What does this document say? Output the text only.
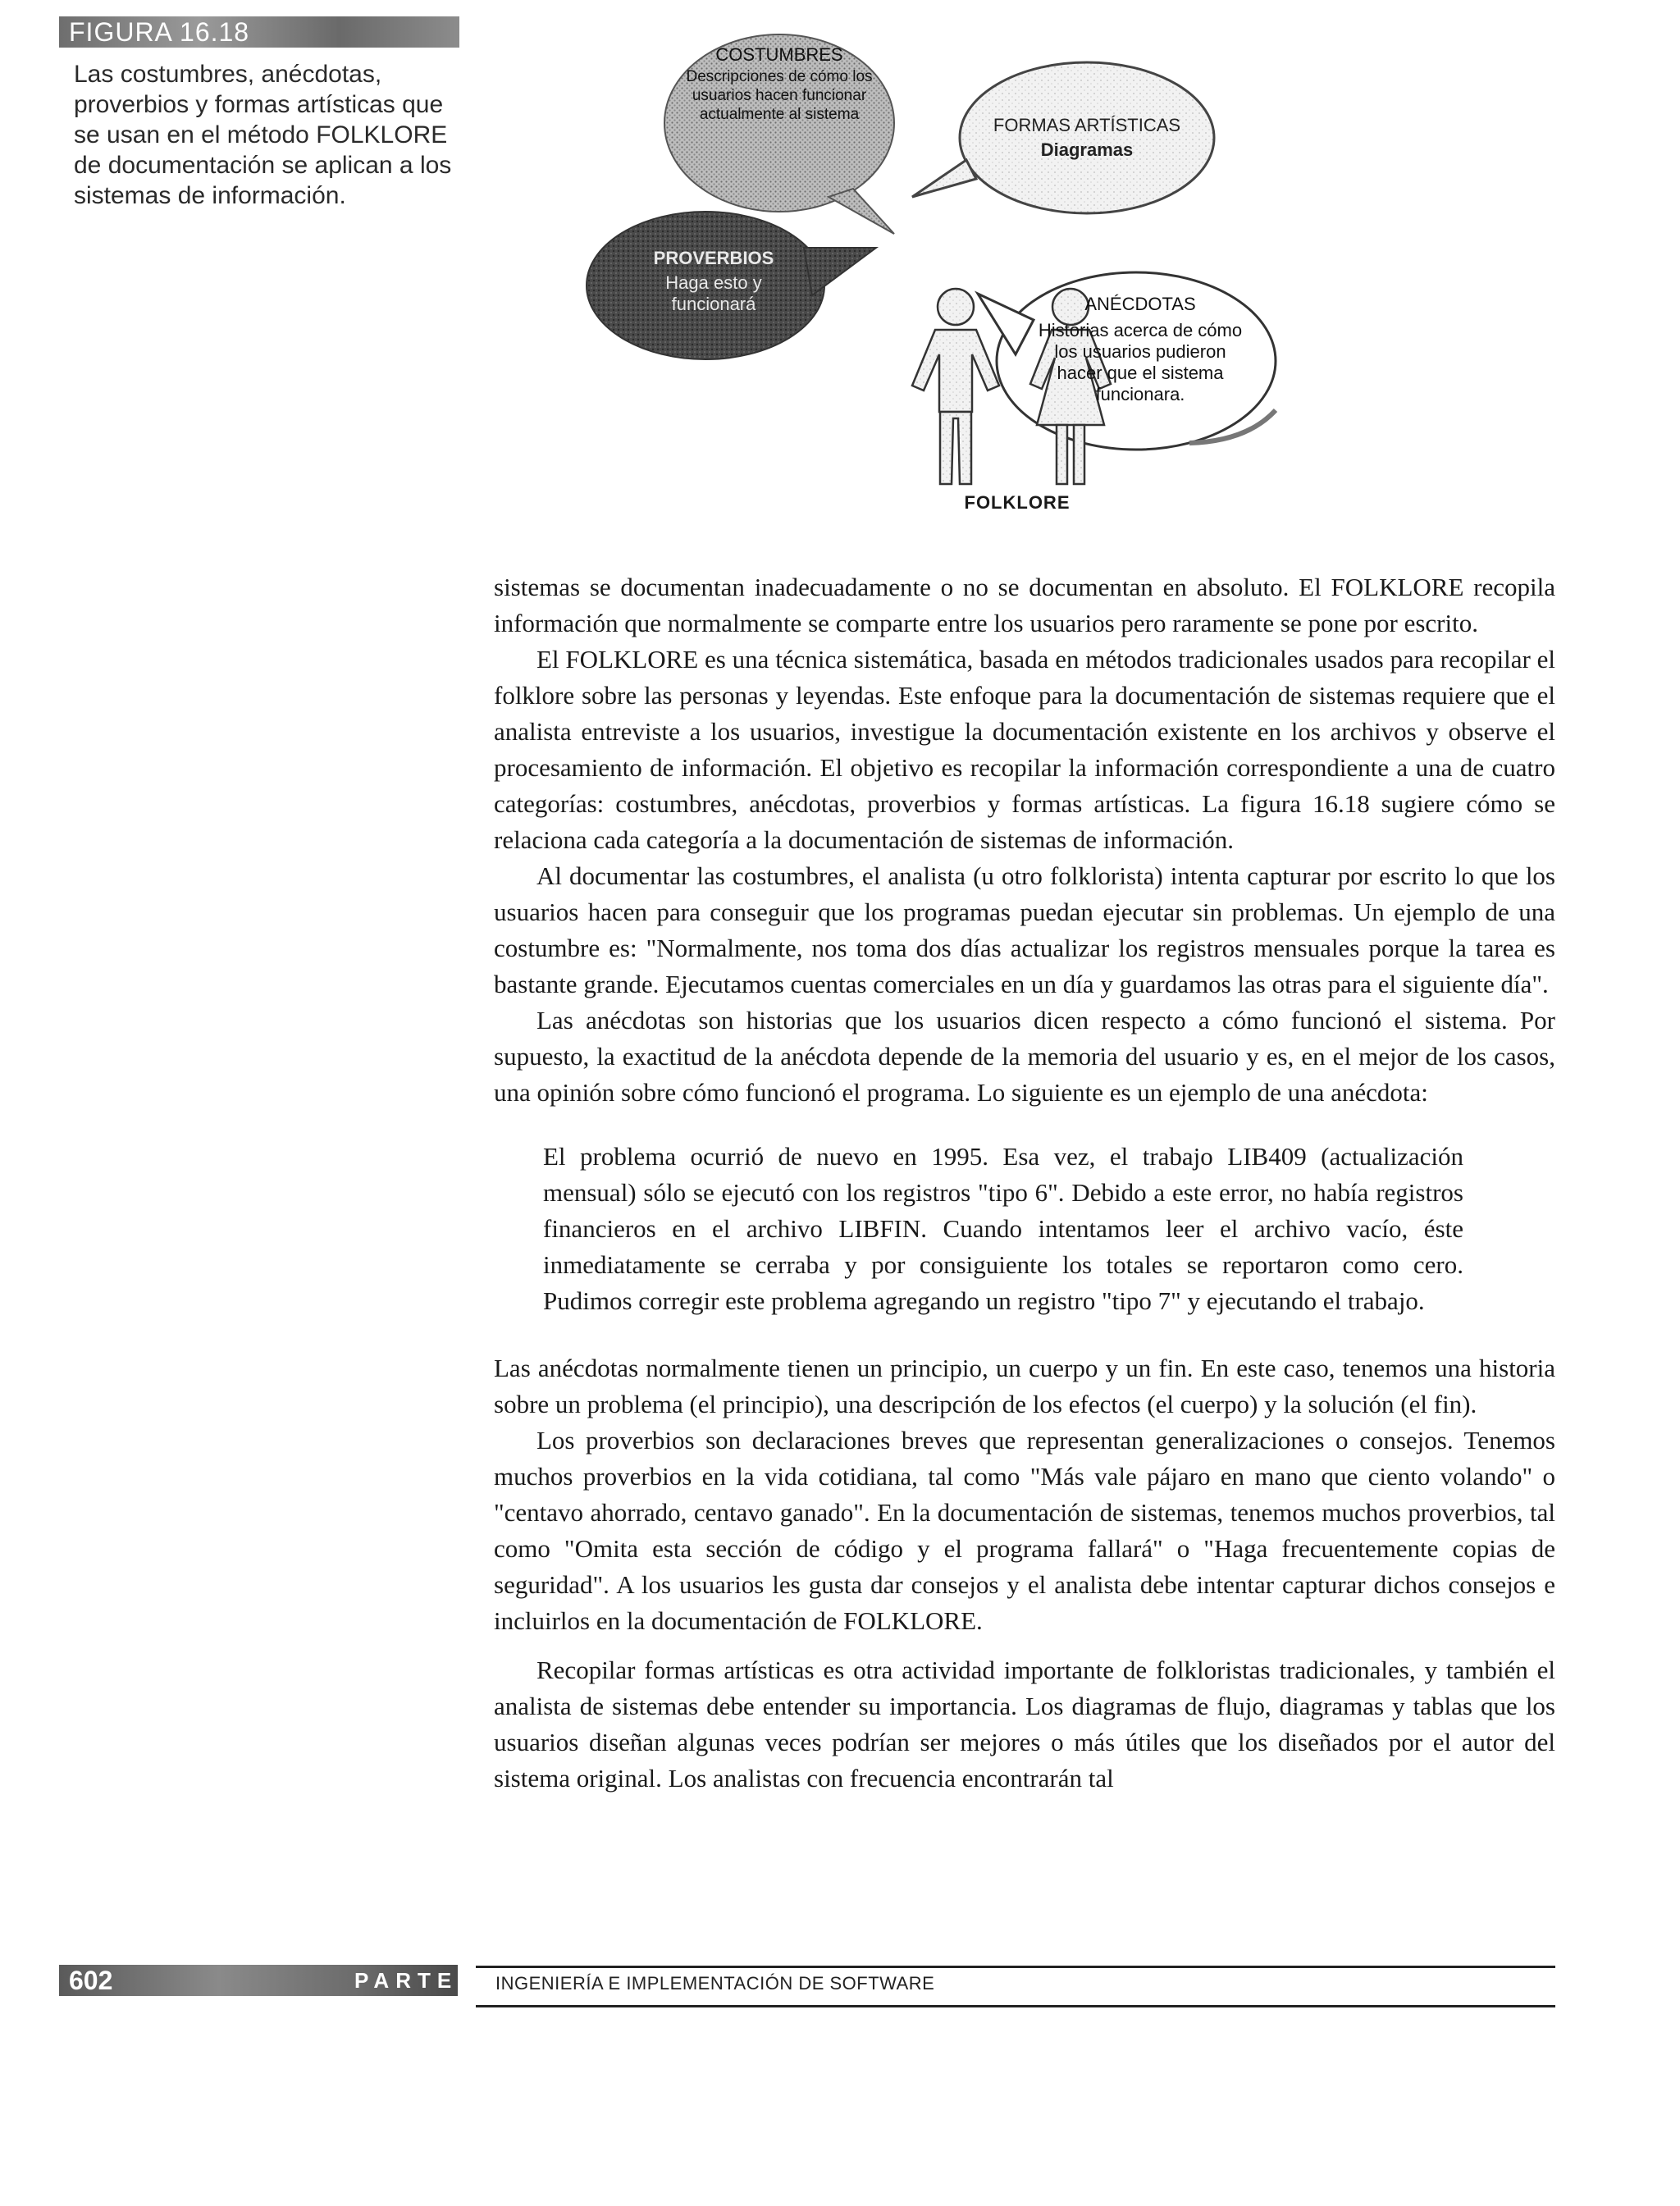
FIGURA 16.18
Las costumbres, anécdotas, proverbios y formas artísticas que se usan en el método FOLKLORE de documentación se aplican a los sistemas de información.
COSTUMBRES
Descripciones de cómo los usuarios hacen funcionar actualmente al sistema
FORMAS ARTÍSTICAS
Diagramas
PROVERBIOS
Haga esto y funcionará	ANÉCDOTAS
Historias acerca de cómo los usuarios pudieron hacer que el sistema funcionara.
FOLKLORE

sistemas se documentan inadecuadamente o no se documentan en absoluto. El FOLKLORE recopila información que normalmente se comparte entre los usuarios pero raramente se pone por escrito.

El FOLKLORE es una técnica sistemática, basada en métodos tradicionales usados para recopilar el folklore sobre las personas y leyendas. Este enfoque para la documentación de sistemas requiere que el analista entreviste a los usuarios, investigue la documentación existente en los archivos y observe el procesamiento de información. El objetivo es recopilar la información correspondiente a una de cuatro categorías: costumbres, anécdotas, proverbios y formas artísticas. La figura 16.18 sugiere cómo se relaciona cada categoría a la documentación de sistemas de información.

Al documentar las costumbres, el analista (u otro folklorista) intenta capturar por escrito lo que los usuarios hacen para conseguir que los programas puedan ejecutar sin problemas. Un ejemplo de una costumbre es: "Normalmente, nos toma dos días actualizar los registros mensuales porque la tarea es bastante grande. Ejecutamos cuentas comerciales en un día y guardamos las otras para el siguiente día".

Las anécdotas son historias que los usuarios dicen respecto a cómo funcionó el sistema. Por supuesto, la exactitud de la anécdota depende de la memoria del usuario y es, en el mejor de los casos, una opinión sobre cómo funcionó el programa. Lo siguiente es un ejemplo de una anécdota:

El problema ocurrió de nuevo en 1995. Esa vez, el trabajo LIB409 (actualización mensual) sólo se ejecutó con los registros "tipo 6". Debido a este error, no había registros financieros en el archivo LIBFIN. Cuando intentamos leer el archivo vacío, éste inmediatamente se cerraba y por consiguiente los totales se reportaron como cero. Pudimos corregir este problema agregando un registro "tipo 7" y ejecutando el trabajo.

Las anécdotas normalmente tienen un principio, un cuerpo y un fin. En este caso, tenemos una historia sobre un problema (el principio), una descripción de los efectos (el cuerpo) y la solución (el fin).

Los proverbios son declaraciones breves que representan generalizaciones o consejos. Tenemos muchos proverbios en la vida cotidiana, tal como "Más vale pájaro en mano que ciento volando" o "centavo ahorrado, centavo ganado". En la documentación de sistemas, tenemos muchos proverbios, tal como "Omita esta sección de código y el programa fallará" o "Haga frecuentemente copias de seguridad". A los usuarios les gusta dar consejos y el analista debe intentar capturar dichos consejos e incluirlos en la documentación de FOLKLORE.

Recopilar formas artísticas es otra actividad importante de folkloristas tradicionales, y también el analista de sistemas debe entender su importancia. Los diagramas de flujo, diagramas y tablas que los usuarios diseñan algunas veces podrían ser mejores o más útiles que los diseñados por el autor del sistema original. Los analistas con frecuencia encontrarán tal

602	PARTE V
INGENIERÍA E IMPLEMENTACIÓN DE SOFTWARE
